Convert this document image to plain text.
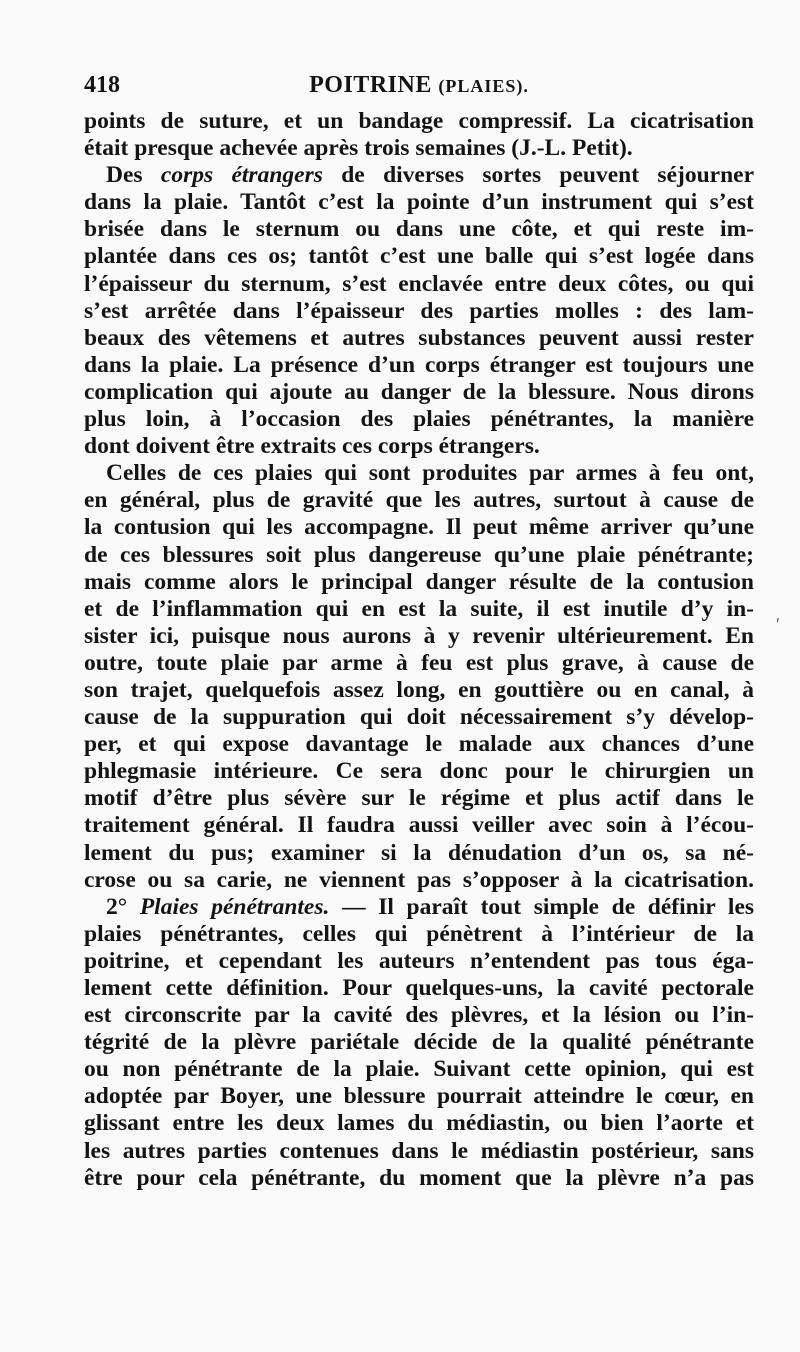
418	POITRINE (PLAIES).
points de suture, et un bandage compressif. La cicatrisation
était presque achevée après trois semaines (J.-L. Petit).
Des corps étrangers de diverses sortes peuvent séjourner
dans la plaie. Tantôt c’est la pointe d’un instrument qui s’est
brisée dans le sternum ou dans une côte, et qui reste im-
plantée dans ces os; tantôt c’est une balle qui s’est logée dans
l’épaisseur du sternum, s’est enclavée entre deux côtes, ou qui
s’est arrêtée dans l’épaisseur des parties molles : des lam-
beaux des vêtemens et autres substances peuvent aussi rester
dans la plaie. La présence d’un corps étranger est toujours une
complication qui ajoute au danger de la blessure. Nous dirons
plus loin, à l’occasion des plaies pénétrantes, la manière
dont doivent être extraits ces corps étrangers.
Celles de ces plaies qui sont produites par armes à feu ont,
en général, plus de gravité que les autres, surtout à cause de
la contusion qui les accompagne. Il peut même arriver qu’une
de ces blessures soit plus dangereuse qu’une plaie pénétrante;
mais comme alors le principal danger résulte de la contusion
et de l’inflammation qui en est la suite, il est inutile d’y in-
sister ici, puisque nous aurons à y revenir ultérieurement. En
outre, toute plaie par arme à feu est plus grave, à cause de
son trajet, quelquefois assez long, en gouttière ou en canal, à
cause de la suppuration qui doit nécessairement s’y dévelop-
per, et qui expose davantage le malade aux chances d’une
phlegmasie intérieure. Ce sera donc pour le chirurgien un
motif d’être plus sévère sur le régime et plus actif dans le
traitement général. Il faudra aussi veiller avec soin à l’écou-
lement du pus; examiner si la dénudation d’un os, sa né-
crose ou sa carie, ne viennent pas s’opposer à la cicatrisation.
2° Plaies pénétrantes. — Il paraît tout simple de définir les
plaies pénétrantes, celles qui pénètrent à l’intérieur de la
poitrine, et cependant les auteurs n’entendent pas tous éga-
lement cette définition. Pour quelques-uns, la cavité pectorale
est circonscrite par la cavité des plèvres, et la lésion ou l’in-
tégrité de la plèvre pariétale décide de la qualité pénétrante
ou non pénétrante de la plaie. Suivant cette opinion, qui est
adoptée par Boyer, une blessure pourrait atteindre le cœur, en
glissant entre les deux lames du médiastin, ou bien l’aorte et
les autres parties contenues dans le médiastin postérieur, sans
être pour cela pénétrante, du moment que la plèvre n’a pas
ʹ
